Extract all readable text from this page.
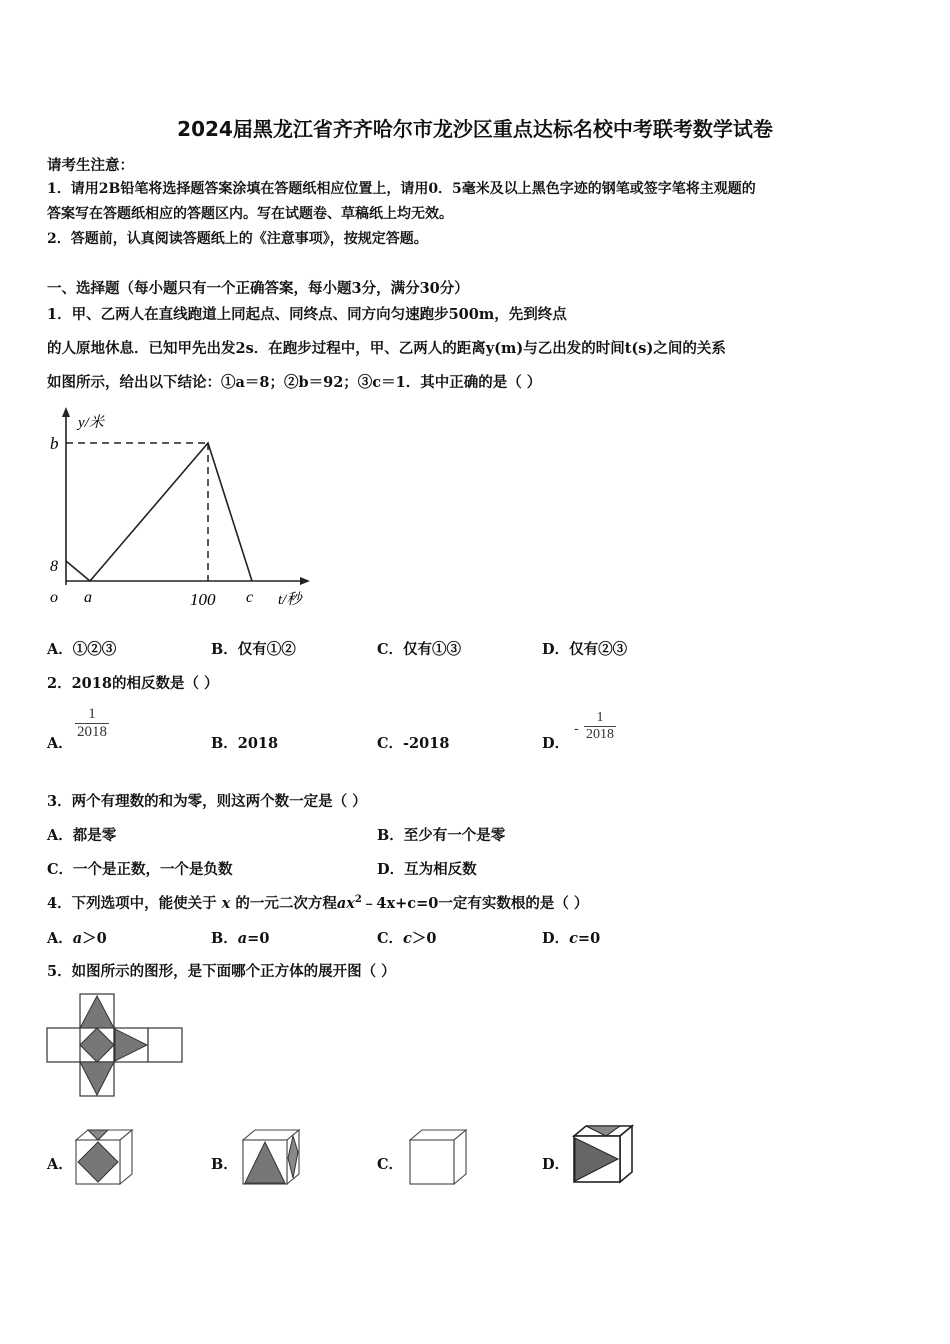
2024届黑龙江省齐齐哈尔市龙沙区重点达标名校中考联考数学试卷
请考生注意：
1．请用2B铅笔将选择题答案涂填在答题纸相应位置上，请用0．5毫米及以上黑色字迹的钢笔或签字笔将主观题的
答案写在答题纸相应的答题区内。写在试题卷、草稿纸上均无效。
2．答题前，认真阅读答题纸上的《注意事项》，按规定答题。
一、选择题（每小题只有一个正确答案，每小题3分，满分30分）
1．甲、乙两人在直线跑道上同起点、同终点、同方向匀速跑步500m，先到终点
的人原地休息．已知甲先出发2s．在跑步过程中，甲、乙两人的距离y(m)与乙出发的时间t(s)之间的关系
如图所示，给出以下结论：①a＝8；②b＝92；③c＝1．其中正确的是（ ）
y/米
b
8
o a	100 c t/秒
A．①②③	B．仅有①②	C．仅有①③	D．仅有②③
2．2018的相反数是（ ）
A．
$\frac{1}{2018}$
B．2018	C．-2018	D．
- $\frac{1}{2018}$
3．两个有理数的和为零，则这两个数一定是（ ）
A．都是零	B．至少有一个是零
C．一个是正数，一个是负数	D．互为相反数
4．下列选项中，能使关于 x 的一元二次方程$ax^2﹣4x+c=0$一定有实数根的是（ ）
A．a＞0	B．a=0	C．c＞0	D．c=0
5．如图所示的图形，是下面哪个正方体的展开图（ ）
A．	B．	C．	D．
